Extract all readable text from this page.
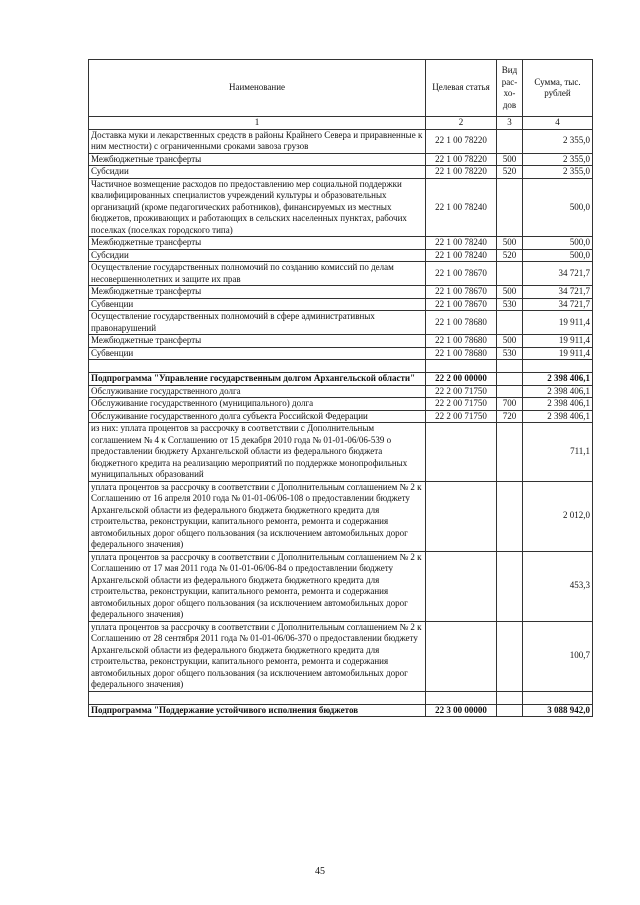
Наименование	Целевая статья	Вид рас-хо-дов	Сумма, тыс. рублей
1	2	3	4
Доставка муки и лекарственных средств в районы Крайнего Севера и приравненные к ним местности) с ограниченными сроками завоза грузов	22 1 00 78220		2 355,0
Межбюджетные трансферты	22 1 00 78220	500	2 355,0
Субсидии	22 1 00 78220	520	2 355,0
Частичное возмещение расходов по предоставлению мер социальной поддержки квалифицированных специалистов учреждений культуры и образовательных организаций (кроме педагогических работников), финансируемых из местных бюджетов, проживающих и работающих в сельских населенных пунктах, рабочих поселках (поселках городского типа)	22 1 00 78240		500,0
Межбюджетные трансферты	22 1 00 78240	500	500,0
Субсидии	22 1 00 78240	520	500,0
Осуществление государственных полномочий по созданию комиссий по делам несовершеннолетних и защите их прав	22 1 00 78670		34 721,7
Межбюджетные трансферты	22 1 00 78670	500	34 721,7
Субвенции	22 1 00 78670	530	34 721,7
Осуществление государственных полномочий в сфере административных правонарушений	22 1 00 78680		19 911,4
Межбюджетные трансферты	22 1 00 78680	500	19 911,4
Субвенции	22 1 00 78680	530	19 911,4

Подпрограмма "Управление государственным долгом Архангельской области"	22 2 00 00000		2 398 406,1
Обслуживание государственного долга	22 2 00 71750		2 398 406,1
Обслуживание государственного (муниципального) долга	22 2 00 71750	700	2 398 406,1
Обслуживание государственного долга субъекта Российской Федерации	22 2 00 71750	720	2 398 406,1
из них: уплата процентов за рассрочку в соответствии с Дополнительным соглашением № 4 к Соглашению от 15 декабря 2010 года № 01-01-06/06-539 о предоставлении бюджету Архангельской области из федерального бюджета бюджетного кредита на реализацию мероприятий по поддержке монопрофильных муниципальных образований			711,1
уплата процентов за рассрочку в соответствии с Дополнительным соглашением № 2 к Соглашению от 16 апреля 2010 года № 01-01-06/06-108 о предоставлении бюджету Архангельской области из федерального бюджета бюджетного кредита для строительства, реконструкции, капитального ремонта, ремонта и содержания автомобильных дорог общего пользования (за исключением автомобильных дорог федерального значения)			2 012,0
уплата процентов за рассрочку в соответствии с Дополнительным соглашением № 2 к Соглашению от 17 мая 2011 года № 01-01-06/06-84 о предоставлении бюджету Архангельской области из федерального бюджета бюджетного кредита для строительства, реконструкции, капитального ремонта, ремонта и содержания автомобильных дорог общего пользования (за исключением автомобильных дорог федерального значения)			453,3
уплата процентов за рассрочку в соответствии с Дополнительным соглашением № 2 к Соглашению от 28 сентября 2011 года № 01-01-06/06-370 о предоставлении бюджету Архангельской области из федерального бюджета бюджетного кредита для строительства, реконструкции, капитального ремонта, ремонта и содержания автомобильных дорог общего пользования (за исключением автомобильных дорог федерального значения)			100,7

Подпрограмма "Поддержание устойчивого исполнения бюджетов	22 3 00 00000		3 088 942,0
45
